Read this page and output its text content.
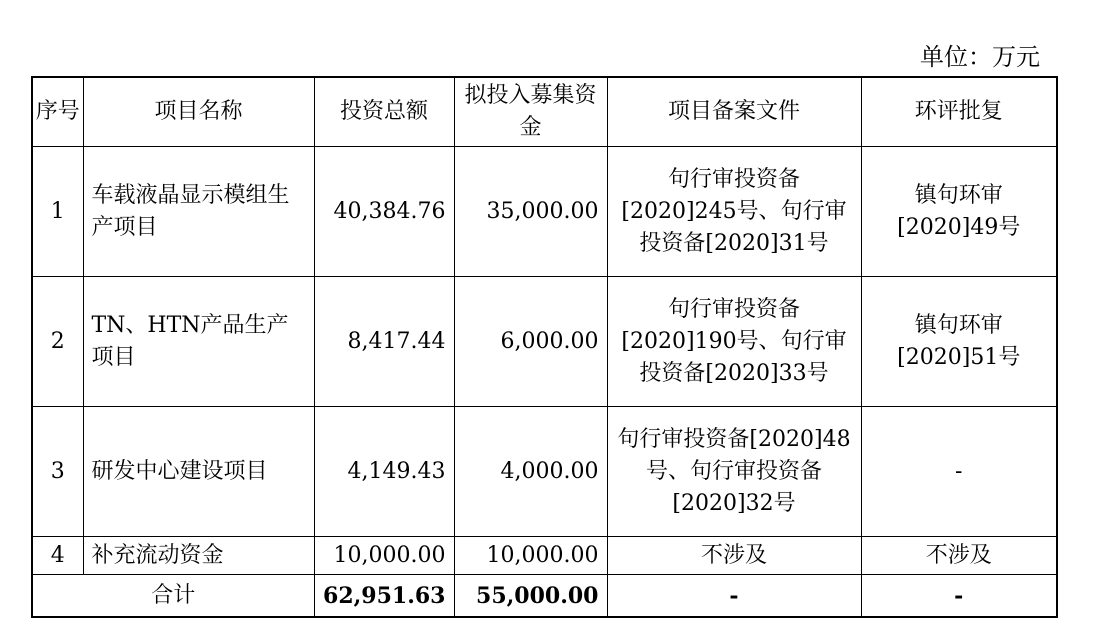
单位：万元
序号	项目名称	投资总额	拟投入募集资金	项目备案文件	环评批复
1	车载液晶显示模组生产项目	40,384.76	35,000.00	句行审投资备[2020]245号、句行审投资备[2020]31号	镇句环审[2020]49号
2	TN、HTN产品生产项目	8,417.44	6,000.00	句行审投资备[2020]190号、句行审投资备[2020]33号	镇句环审[2020]51号
3	研发中心建设项目	4,149.43	4,000.00	句行审投资备[2020]48号、句行审投资备[2020]32号	-
4	补充流动资金	10,000.00	10,000.00	不涉及	不涉及
合计		62,951.63	55,000.00	-	-
